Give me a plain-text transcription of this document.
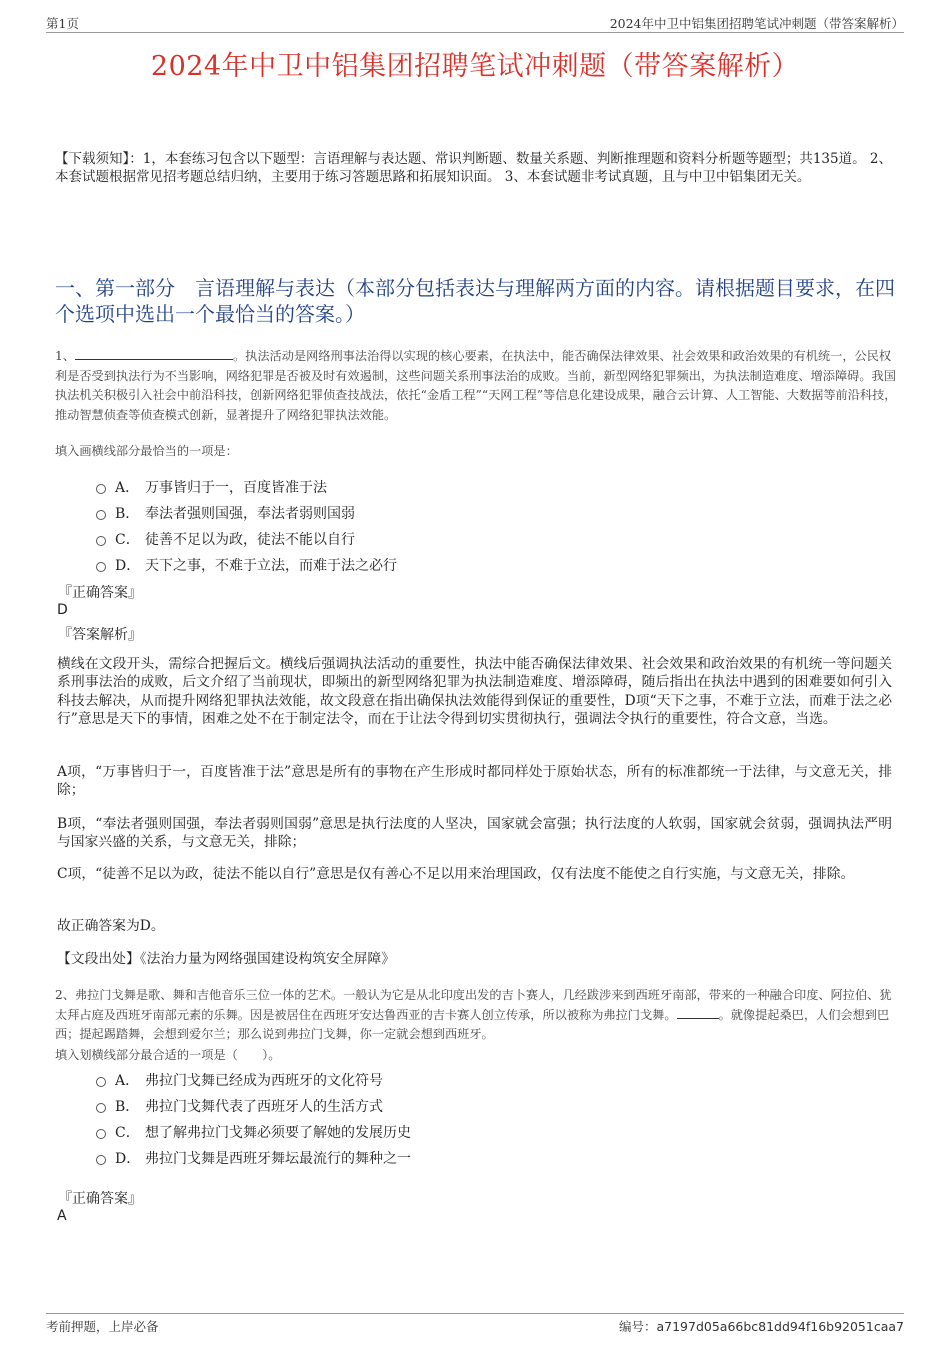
第1页	2024年中卫中铝集团招聘笔试冲刺题（带答案解析）
2024年中卫中铝集团招聘笔试冲刺题（带答案解析）
【下载须知】：1，本套练习包含以下题型：言语理解与表达题、常识判断题、数量关系题、判断推理题和资料分析题等题型；共135道。 2、本套试题根据常见招考题总结归纳，主要用于练习答题思路和拓展知识面。 3、本套试题非考试真题，且与中卫中铝集团无关。
一、第一部分　言语理解与表达（本部分包括表达与理解两方面的内容。请根据题目要求，在四个选项中选出一个最恰当的答案。）
1、	。执法活动是网络刑事法治得以实现的核心要素，在执法中，能否确保法律效果、社会效果和政治效果的有机统一，公民权利是否受到执法行为不当影响，网络犯罪是否被及时有效遏制，这些问题关系刑事法治的成败。当前，新型网络犯罪频出，为执法制造难度、增添障碍。我国执法机关积极引入社会中前沿科技，创新网络犯罪侦查技战法，依托“金盾工程”“天网工程”等信息化建设成果，融合云计算、人工智能、大数据等前沿科技，推动智慧侦查等侦查模式创新，显著提升了网络犯罪执法效能。
填入画横线部分最恰当的一项是：
A． 万事皆归于一，百度皆准于法
B． 奉法者强则国强，奉法者弱则国弱
C． 徒善不足以为政，徒法不能以自行
D． 天下之事，不难于立法，而难于法之必行
『正确答案』
D
『答案解析』
横线在文段开头，需综合把握后文。横线后强调执法活动的重要性，执法中能否确保法律效果、社会效果和政治效果的有机统一等问题关系刑事法治的成败，后文介绍了当前现状，即频出的新型网络犯罪为执法制造难度、增添障碍，随后指出在执法中遇到的困难要如何引入科技去解决，从而提升网络犯罪执法效能，故文段意在指出确保执法效能得到保证的重要性，D项“天下之事，不难于立法，而难于法之必行”意思是天下的事情，困难之处不在于制定法令，而在于让法令得到切实贯彻执行，强调法令执行的重要性，符合文意，当选。
A项，“万事皆归于一，百度皆准于法”意思是所有的事物在产生形成时都同样处于原始状态，所有的标准都统一于法律，与文意无关，排除；
B项，“奉法者强则国强，奉法者弱则国弱”意思是执行法度的人坚决，国家就会富强；执行法度的人软弱，国家就会贫弱，强调执法严明与国家兴盛的关系，与文意无关，排除；
C项，“徒善不足以为政，徒法不能以自行”意思是仅有善心不足以用来治理国政，仅有法度不能使之自行实施，与文意无关，排除。
故正确答案为D。
【文段出处】《法治力量为网络强国建设构筑安全屏障》
2、弗拉门戈舞是歌、舞和吉他音乐三位一体的艺术。一般认为它是从北印度出发的吉卜赛人，几经跋涉来到西班牙南部，带来的一种融合印度、阿拉伯、犹太拜占庭及西班牙南部元素的乐舞。因是被居住在西班牙安达鲁西亚的吉卡赛人创立传承，所以被称为弗拉门戈舞。	。就像提起桑巴，人们会想到巴西；提起踢踏舞，会想到爱尔兰；那么说到弗拉门戈舞，你一定就会想到西班牙。
填入划横线部分最合适的一项是（　　）。
A． 弗拉门戈舞已经成为西班牙的文化符号
B． 弗拉门戈舞代表了西班牙人的生活方式
C． 想了解弗拉门戈舞必须要了解她的发展历史
D． 弗拉门戈舞是西班牙舞坛最流行的舞种之一
『正确答案』
A
考前押题，上岸必备	编号：a7197d05a66bc81dd94f16b92051caa7
